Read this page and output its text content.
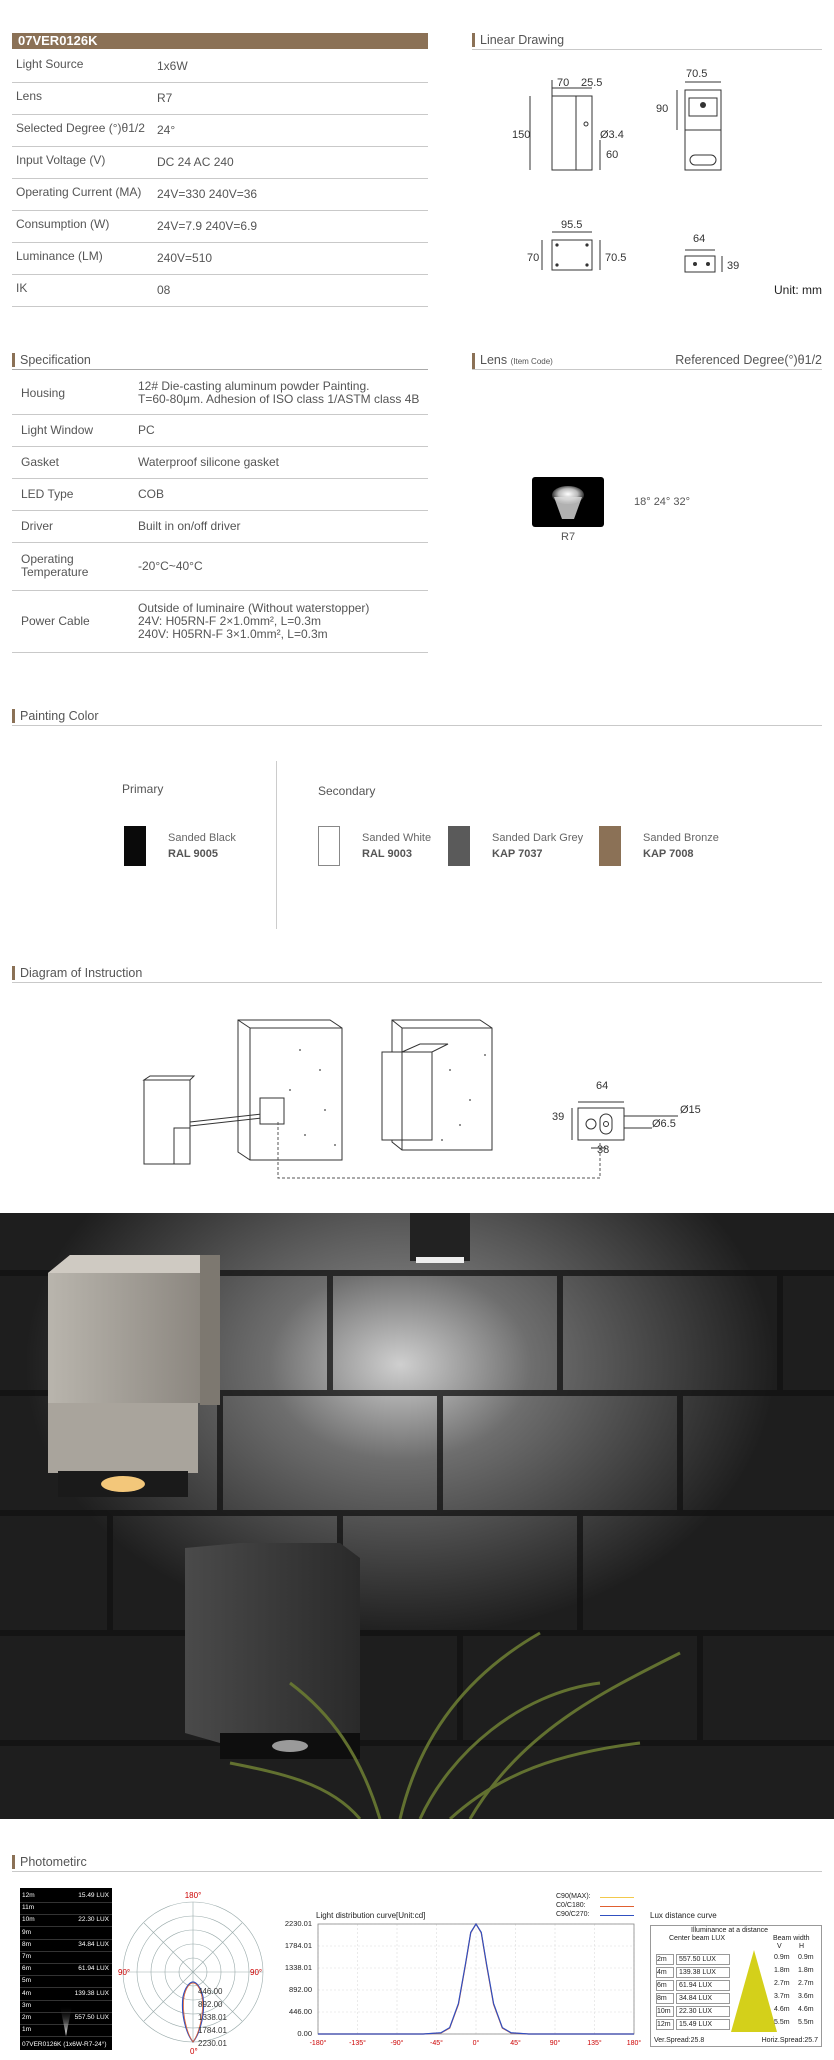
07VER0126K
Light Source	1x6W
Lens	R7
Selected Degree (°)θ1/2 24°
Input Voltage (V)	DC 24 AC 240
Operating Current (MA) 24V=330 240V=36
Consumption (W)	24V=7.9 240V=6.9
Luminance (LM)	240V=510
IK	08
Linear Drawing
70 25.5
150	Ø3.4
60
70.5
90
95.5
70	70.5
64
39
Unit: mm
Specification
Housing	12# Die-casting aluminum powder Painting.
T=60-80μm. Adhesion of ISO class 1/ASTM class 4B
Light Window	PC
Gasket	Waterproof silicone gasket
LED Type	COB
Driver	Built in on/off driver
Operating Temperature	-20°C~40°C
Power Cable
Outside of luminaire (Without waterstopper)
24V: H05RN-F 2×1.0mm², L=0.3m
240V: H05RN-F 3×1.0mm², L=0.3m
Lens (Item Code)	Referenced Degree(°)θ1/2
R7
18° 24° 32°
Painting Color
Primary	Secondary
Sanded Black
RAL 9005
Sanded White
RAL 9003
Sanded Dark Grey
KAP 7037
Sanded Bronze
KAP 7008
Diagram of Instruction
64
39
Ø15
Ø6.5
38
Photometirc
12m	15.49 LUX
11m
10m	22.30 LUX
9m
8m	34.84 LUX
7m
6m	61.94 LUX
5m
4m	139.38 LUX
3m
2m	557.50 LUX
1m
07VER0126K (1x6W-R7-24°)
180°
90°	90°
0°
446.00
892.00
1338.01
1784.01
2230.01
Light distribution curve[Unit:cd]
C90(MAX):
C0/C180:
C90/C270:
-180°	-135°	-90°	-45°	0°	45°	90°	135°	180°
Lux distance curve
Illuminance at a distance
Center beam LUX	Beam width
V H
2m	557.50 LUX	0.9m 0.9m
4m	139.38 LUX	1.8m 1.8m
6m	61.94 LUX	2.7m 2.7m
8m	34.84 LUX	3.7m 3.6m
10m	22.30 LUX	4.6m 4.6m
12m	15.49 LUX	5.5m 5.5m
Ver.Spread:25.8	Horiz.Spread:25.7
0.00
446.00
892.00
1338.01
1784.01
2230.01
